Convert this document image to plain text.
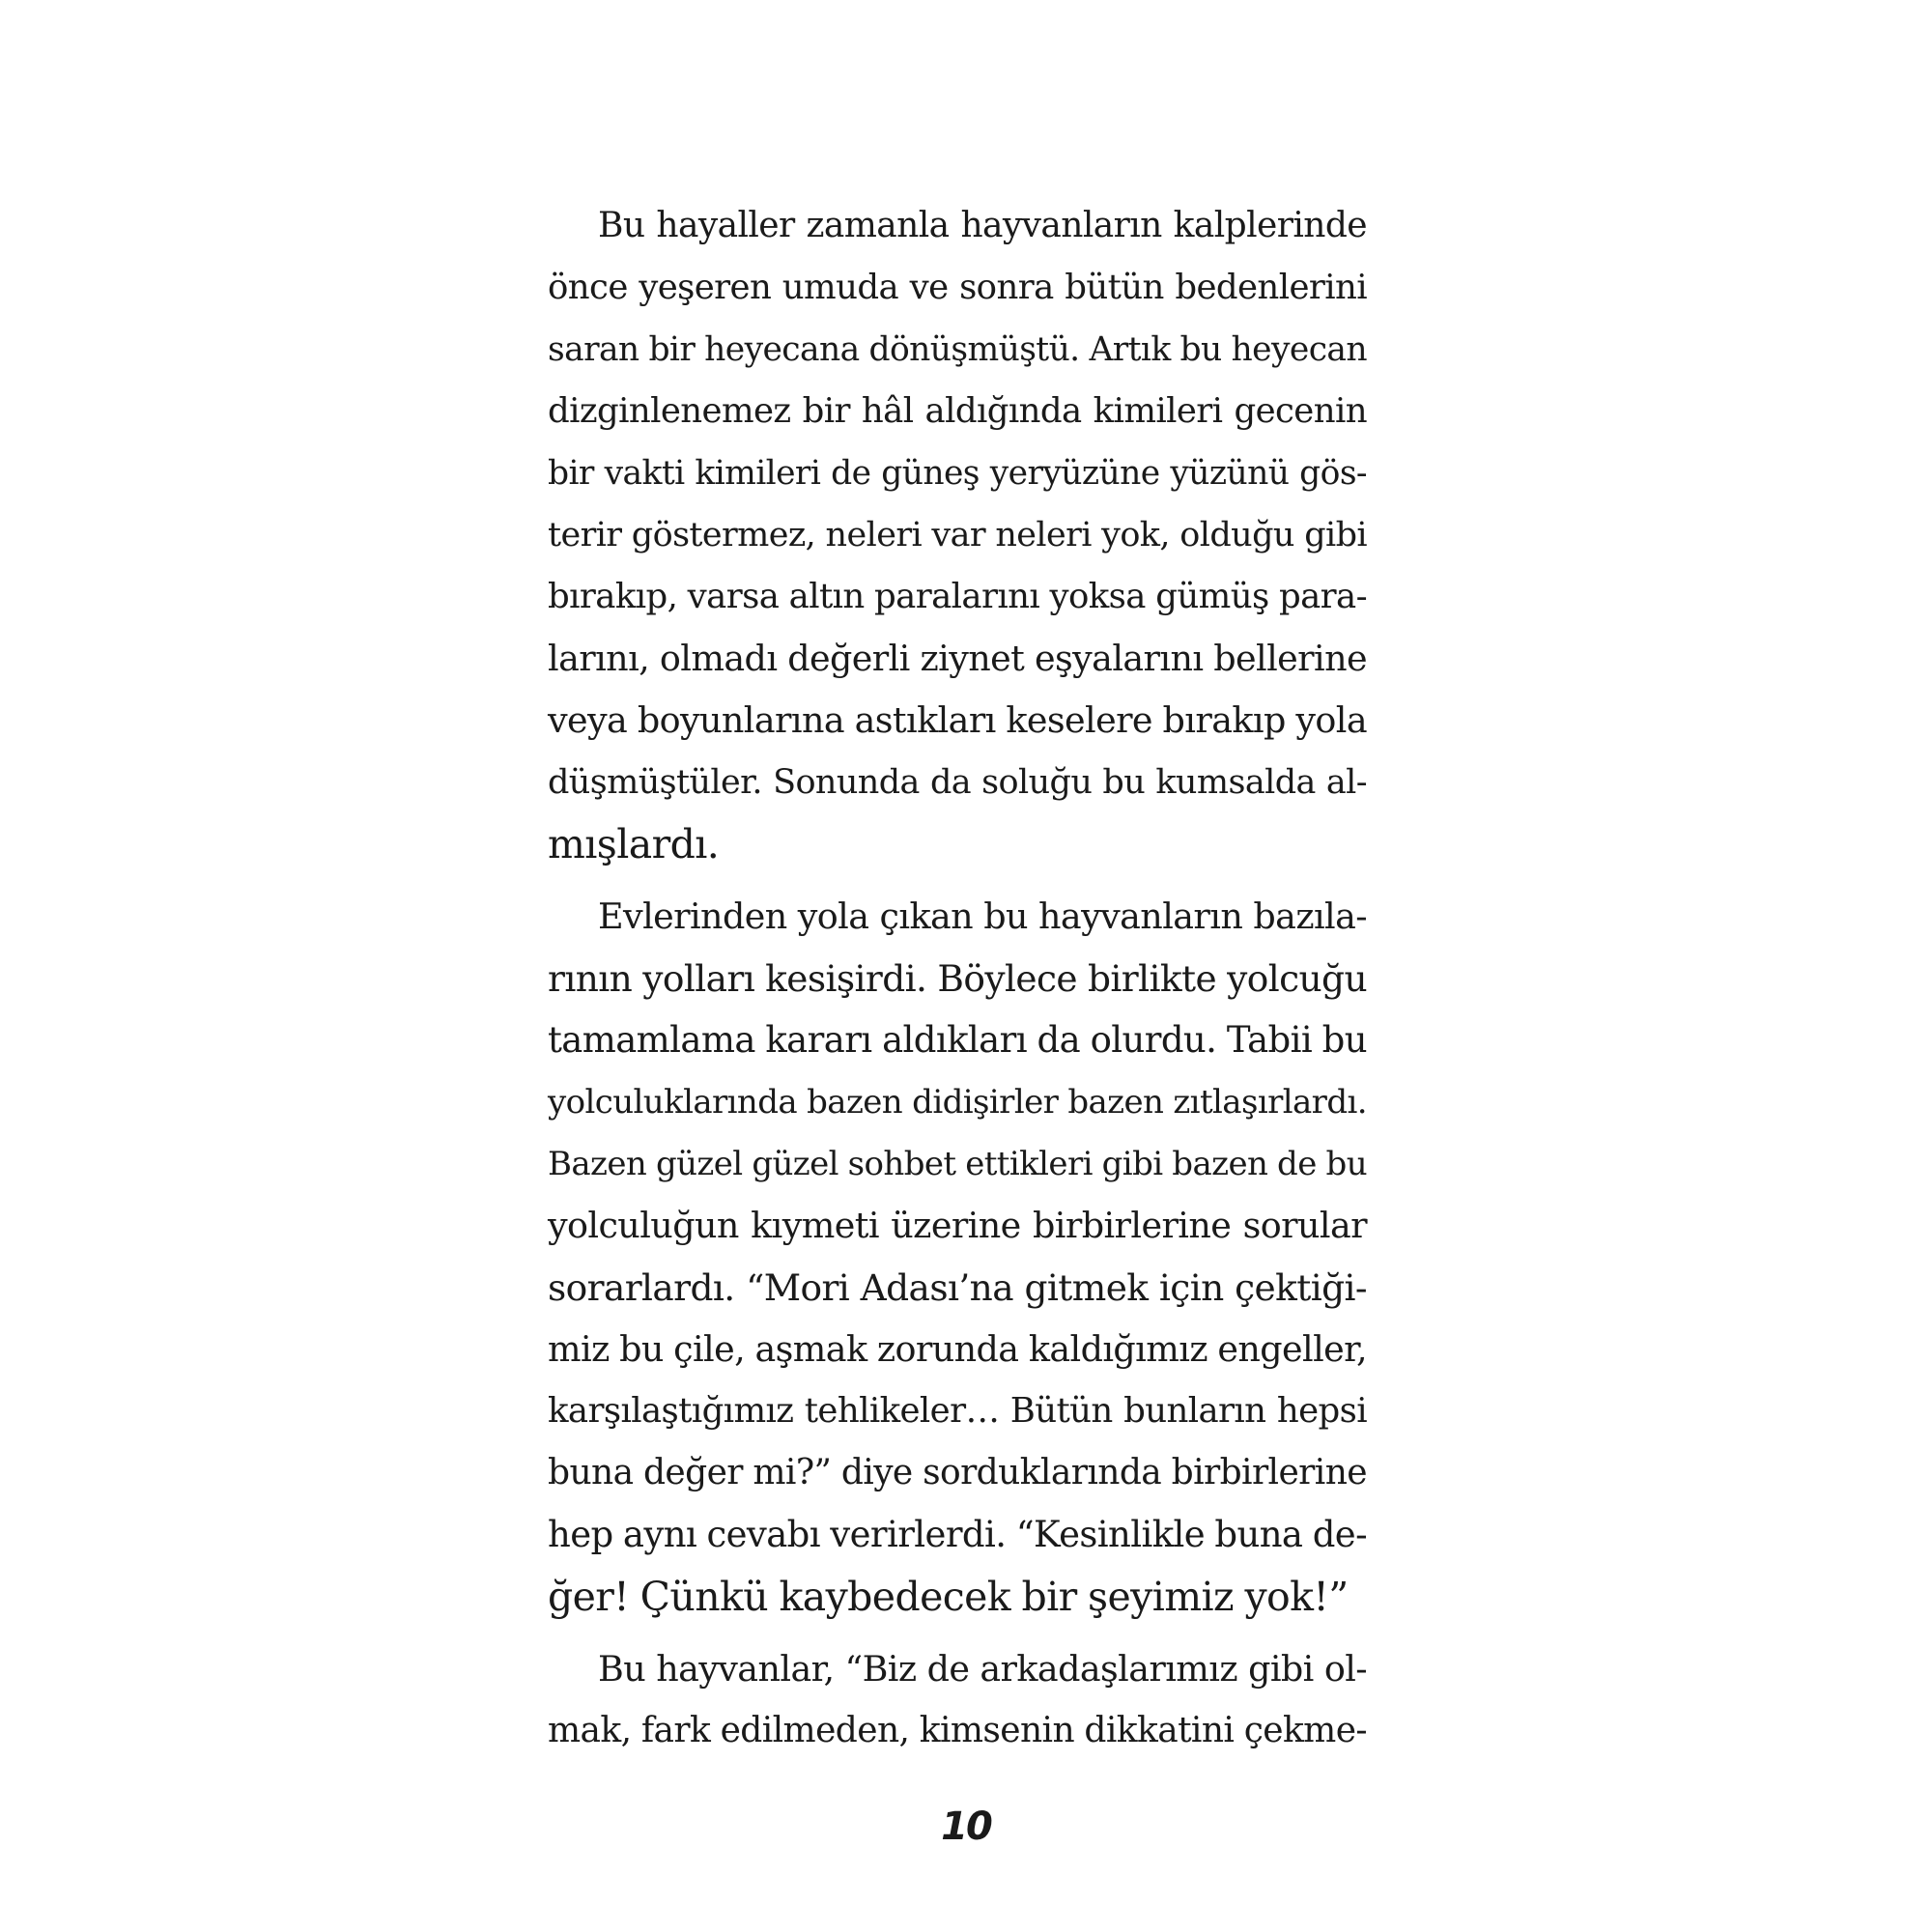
Bu hayaller zamanla hayvanların kalplerinde
önce yeşeren umuda ve sonra bütün bedenlerini
saran bir heyecana dönüşmüştü. Artık bu heyecan
dizginlenemez bir hâl aldığında kimileri gecenin
bir vakti kimileri de güneş yeryüzüne yüzünü gös-
terir göstermez, neleri var neleri yok, olduğu gibi
bırakıp, varsa altın paralarını yoksa gümüş para-
larını, olmadı değerli ziynet eşyalarını bellerine
veya boyunlarına astıkları keselere bırakıp yola
düşmüştüler. Sonunda da soluğu bu kumsalda al-
mışlardı.
Evlerinden yola çıkan bu hayvanların bazıla-
rının yolları kesişirdi. Böylece birlikte yolcuğu
tamamlama kararı aldıkları da olurdu. Tabii bu
yolculuklarında bazen didişirler bazen zıtlaşırlardı.
Bazen güzel güzel sohbet ettikleri gibi bazen de bu
yolculuğun kıymeti üzerine birbirlerine sorular
sorarlardı. “Mori Adası’na gitmek için çektiği-
miz bu çile, aşmak zorunda kaldığımız engeller,
karşılaştığımız tehlikeler… Bütün bunların hepsi
buna değer mi?” diye sorduklarında birbirlerine
hep aynı cevabı verirlerdi. “Kesinlikle buna de-
ğer! Çünkü kaybedecek bir şeyimiz yok!”
Bu hayvanlar, “Biz de arkadaşlarımız gibi ol-
mak, fark edilmeden, kimsenin dikkatini çekme-
10
